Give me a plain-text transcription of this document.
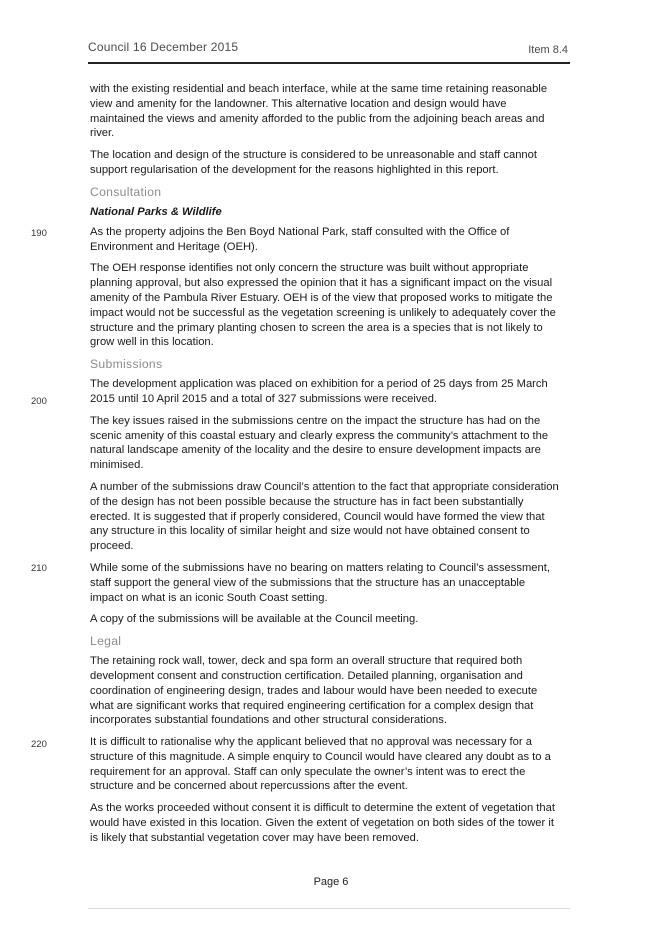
Council 16 December 2015	Item 8.4
190
200
210
220

with the existing residential and beach interface, while at the same time retaining reasonable view and amenity for the landowner. This alternative location and design would have maintained the views and amenity afforded to the public from the adjoining beach areas and river.

The location and design of the structure is considered to be unreasonable and staff cannot support regularisation of the development for the reasons highlighted in this report.

Consultation
National Parks & Wildlife

As the property adjoins the Ben Boyd National Park, staff consulted with the Office of Environment and Heritage (OEH).

The OEH response identifies not only concern the structure was built without appropriate planning approval, but also expressed the opinion that it has a significant impact on the visual amenity of the Pambula River Estuary. OEH is of the view that proposed works to mitigate the impact would not be successful as the vegetation screening is unlikely to adequately cover the structure and the primary planting chosen to screen the area is a species that is not likely to grow well in this location.

Submissions

The development application was placed on exhibition for a period of 25 days from 25 March 2015 until 10 April 2015 and a total of 327 submissions were received.

The key issues raised in the submissions centre on the impact the structure has had on the scenic amenity of this coastal estuary and clearly express the community’s attachment to the natural landscape amenity of the locality and the desire to ensure development impacts are minimised.

A number of the submissions draw Council’s attention to the fact that appropriate consideration of the design has not been possible because the structure has in fact been substantially erected. It is suggested that if properly considered, Council would have formed the view that any structure in this locality of similar height and size would not have obtained consent to proceed.

While some of the submissions have no bearing on matters relating to Council’s assessment, staff support the general view of the submissions that the structure has an unacceptable impact on what is an iconic South Coast setting.

A copy of the submissions will be available at the Council meeting.

Legal

The retaining rock wall, tower, deck and spa form an overall structure that required both development consent and construction certification. Detailed planning, organisation and coordination of engineering design, trades and labour would have been needed to execute what are significant works that required engineering certification for a complex design that incorporates substantial foundations and other structural considerations.

It is difficult to rationalise why the applicant believed that no approval was necessary for a structure of this magnitude. A simple enquiry to Council would have cleared any doubt as to a requirement for an approval. Staff can only speculate the owner’s intent was to erect the structure and be concerned about repercussions after the event.

As the works proceeded without consent it is difficult to determine the extent of vegetation that would have existed in this location. Given the extent of vegetation on both sides of the tower it is likely that substantial vegetation cover may have been removed.

Page 6
